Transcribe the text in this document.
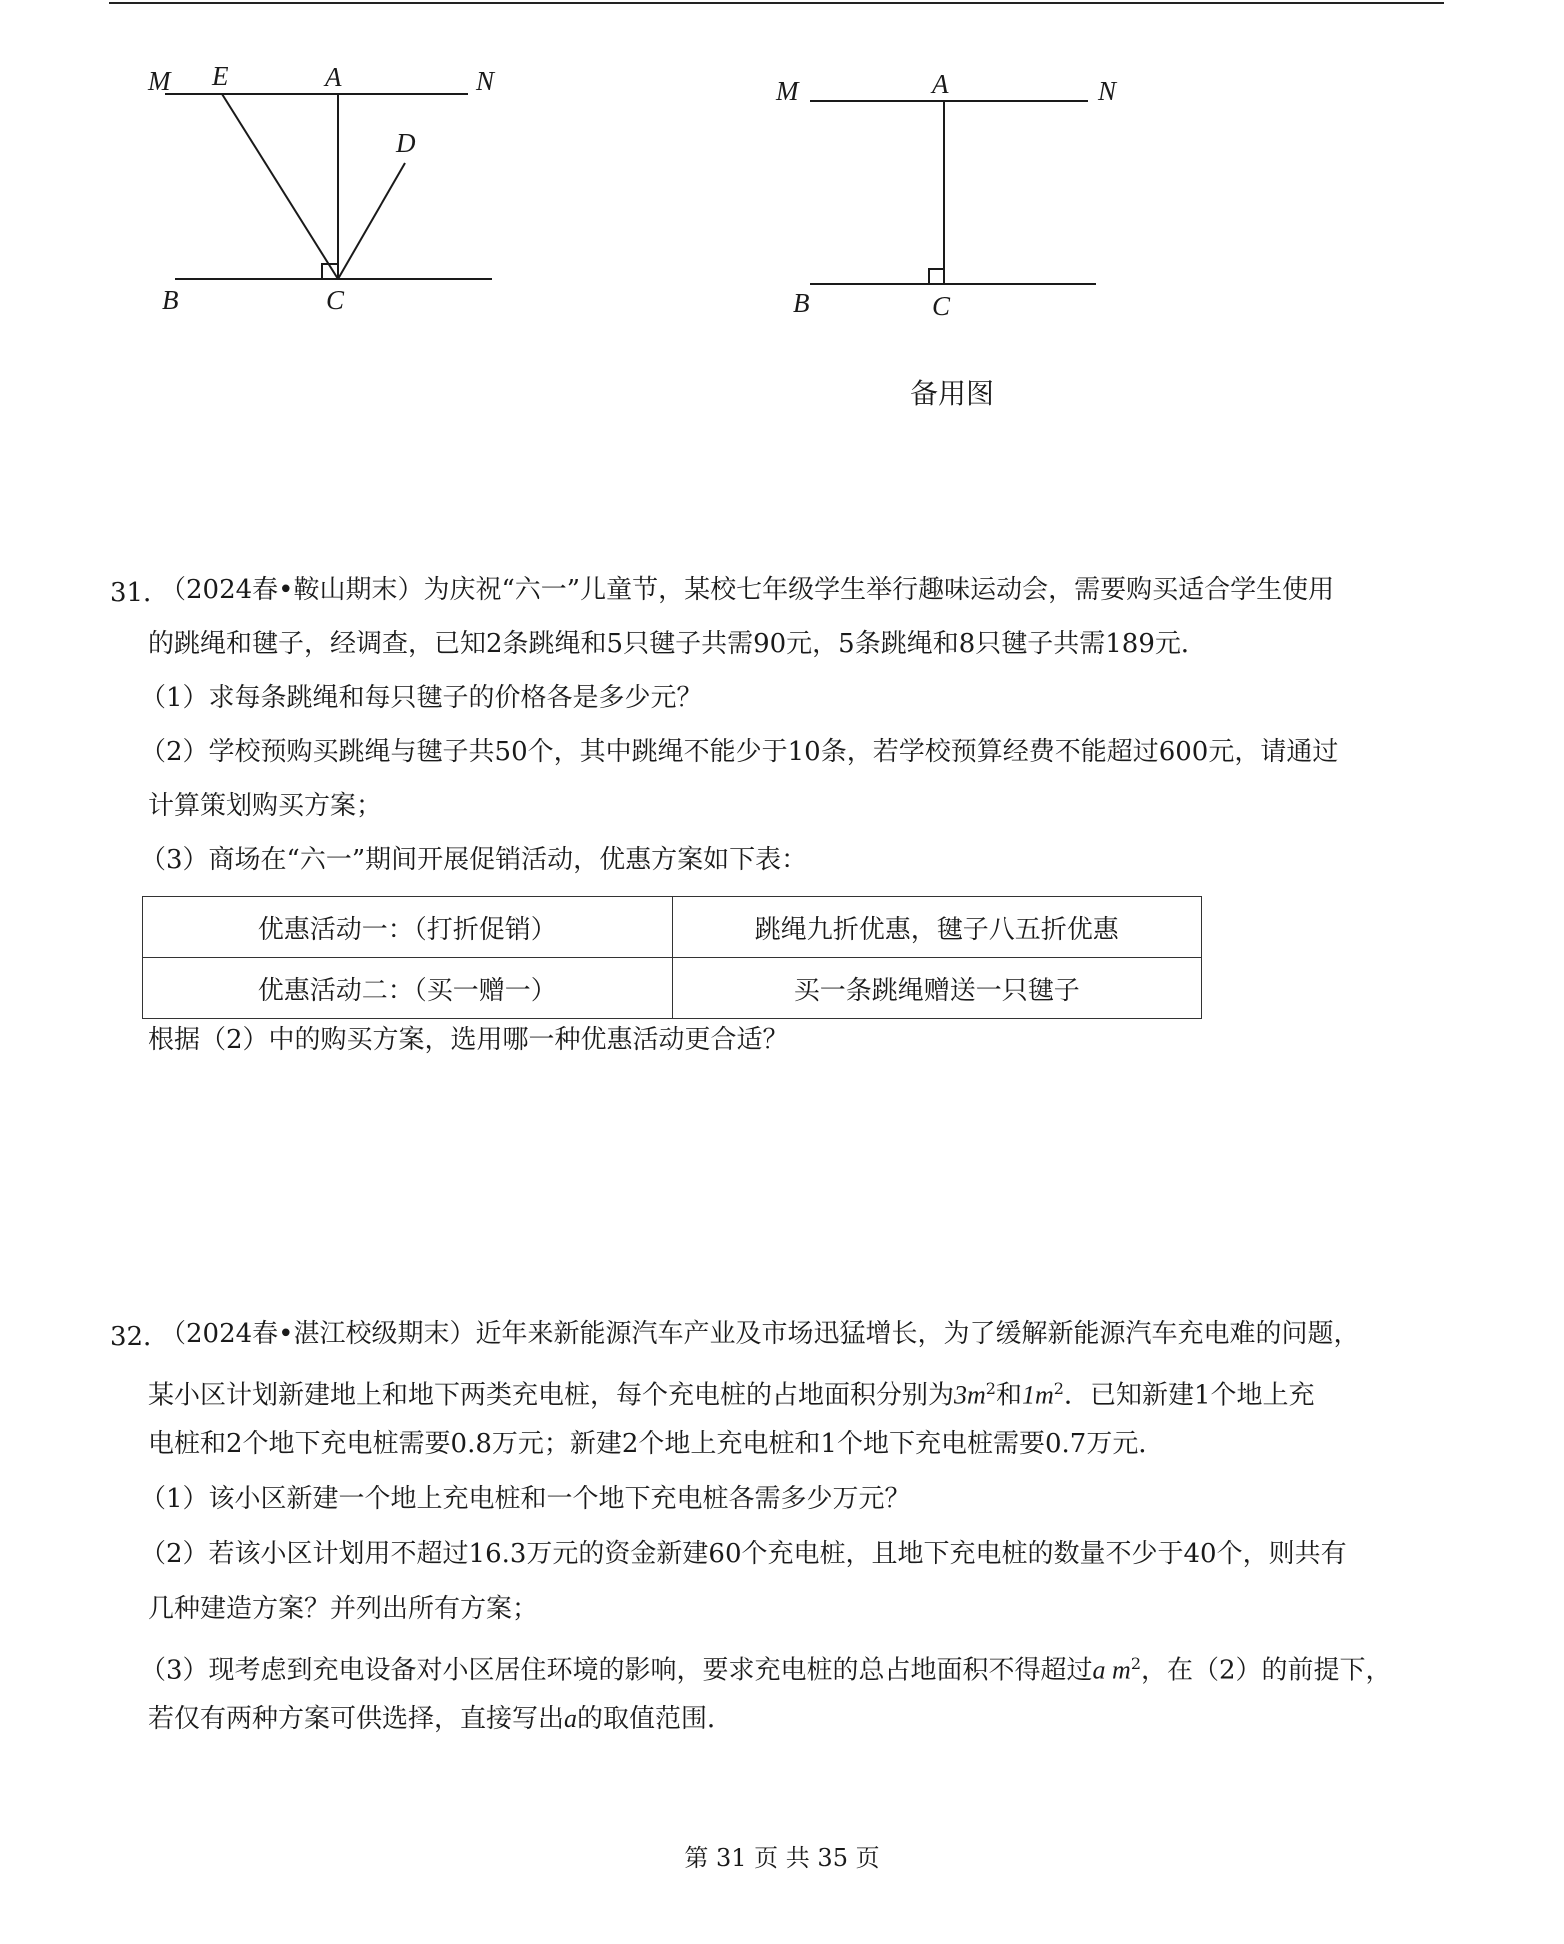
M E	A	N
D
B	C
M	A	N
B	C
备用图
31．
（2024春•鞍山期末）为庆祝“六一”儿童节，某校七年级学生举行趣味运动会，需要购买适合学生使用
的跳绳和毽子，经调查，已知2条跳绳和5只毽子共需90元，5条跳绳和8只毽子共需189元．
（1）求每条跳绳和每只毽子的价格各是多少元？
（2）学校预购买跳绳与毽子共50个，其中跳绳不能少于10条，若学校预算经费不能超过600元，请通过
计算策划购买方案；
（3）商场在“六一”期间开展促销活动，优惠方案如下表：
优惠活动一：（打折促销）	跳绳九折优惠，毽子八五折优惠
优惠活动二：（买一赠一）	买一条跳绳赠送一只毽子
根据（2）中的购买方案，选用哪一种优惠活动更合适？
32．
（2024春•湛江校级期末）近年来新能源汽车产业及市场迅猛增长，为了缓解新能源汽车充电难的问题，
某小区计划新建地上和地下两类充电桩，每个充电桩的占地面积分别为$3m^2$和$1m^2$．已知新建1个地上充
电桩和2个地下充电桩需要0.8万元；新建2个地上充电桩和1个地下充电桩需要0.7万元．
（1）该小区新建一个地上充电桩和一个地下充电桩各需多少万元？
（2）若该小区计划用不超过16.3万元的资金新建60个充电桩，且地下充电桩的数量不少于40个，则共有
几种建造方案？并列出所有方案；
（3）现考虑到充电设备对小区居住环境的影响，要求充电桩的总占地面积不得超过a $m^2$，在（2）的前提下，
若仅有两种方案可供选择，直接写出a的取值范围．
第 31 页 共 35 页
